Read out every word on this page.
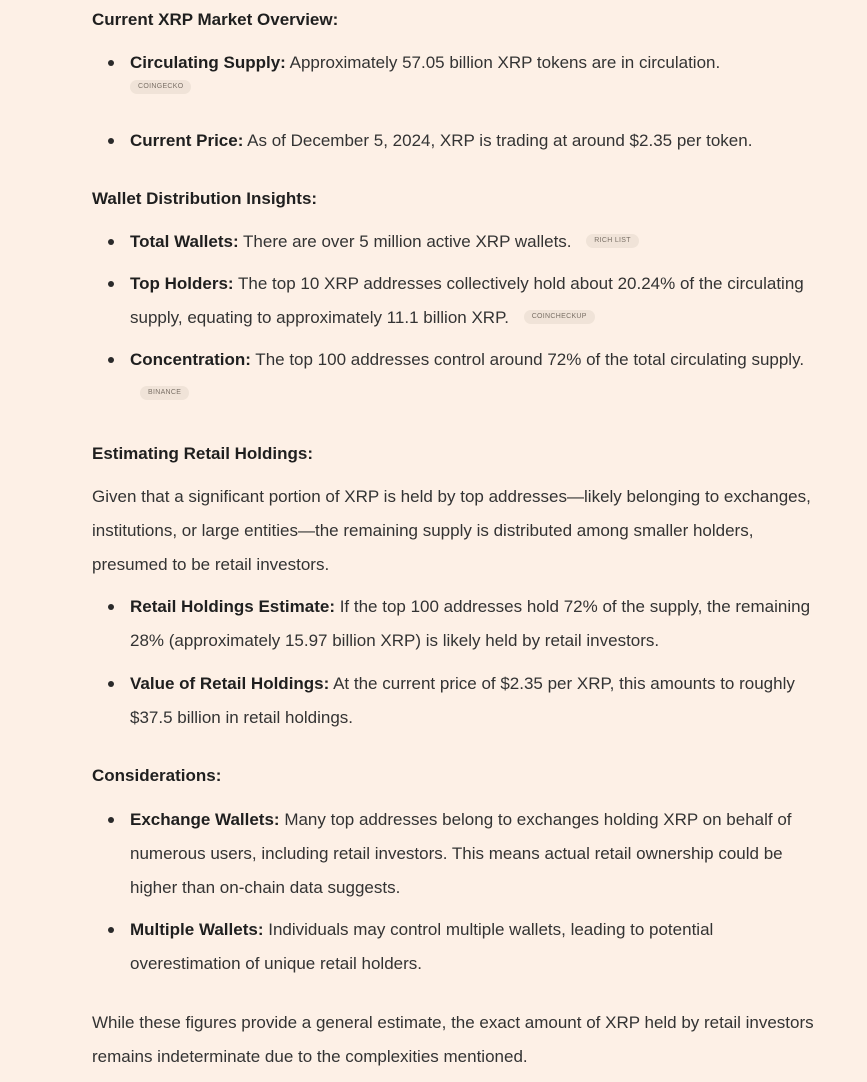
Current XRP Market Overview:

Circulating Supply: Approximately 57.05 billion XRP tokens are in circulation.
COINGECKO
Current Price: As of December 5, 2024, XRP is trading at around $2.35 per token.

Wallet Distribution Insights:

Total Wallets: There are over 5 million active XRP wallets.	RICH LIST
Top Holders: The top 10 XRP addresses collectively hold about 20.24% of the circulating supply, equating to approximately 11.1 billion XRP.	COINCHECKUP
Concentration: The top 100 addresses control around 72% of the total circulating supply. BINANCE

Estimating Retail Holdings:

Given that a significant portion of XRP is held by top addresses—likely belonging to exchanges, institutions, or large entities—the remaining supply is distributed among smaller holders, presumed to be retail investors.

Retail Holdings Estimate: If the top 100 addresses hold 72% of the supply, the remaining 28% (approximately 15.97 billion XRP) is likely held by retail investors.
Value of Retail Holdings: At the current price of $2.35 per XRP, this amounts to roughly $37.5 billion in retail holdings.

Considerations:

Exchange Wallets: Many top addresses belong to exchanges holding XRP on behalf of numerous users, including retail investors. This means actual retail ownership could be higher than on-chain data suggests.
Multiple Wallets: Individuals may control multiple wallets, leading to potential overestimation of unique retail holders.

While these figures provide a general estimate, the exact amount of XRP held by retail investors remains indeterminate due to the complexities mentioned.
